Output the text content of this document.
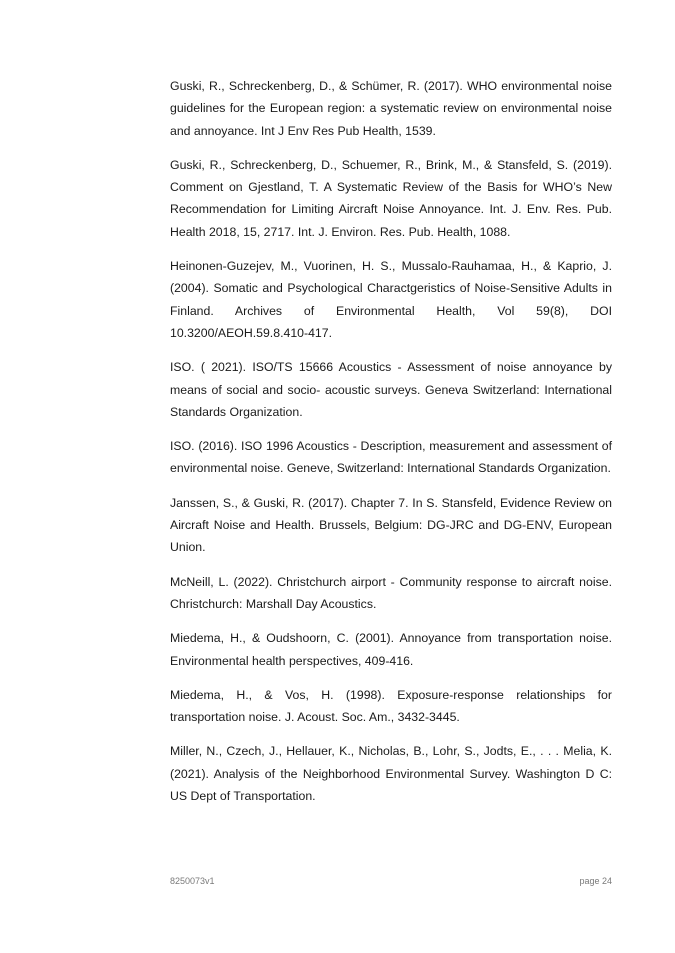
Guski, R., Schreckenberg, D., & Schümer, R. (2017). WHO environmental noise guidelines for the European region: a systematic review on environmental noise and annoyance. Int J Env Res Pub Health, 1539.

Guski, R., Schreckenberg, D., Schuemer, R., Brink, M., & Stansfeld, S. (2019). Comment on Gjestland, T. A Systematic Review of the Basis for WHO’s New Recommendation for Limiting Aircraft Noise Annoyance. Int. J. Env. Res. Pub. Health 2018, 15, 2717. Int. J. Environ. Res. Pub. Health, 1088.

Heinonen-Guzejev, M., Vuorinen, H. S., Mussalo-Rauhamaa, H., & Kaprio, J. (2004). Somatic and Psychological Charactgeristics of Noise-Sensitive Adults in Finland. Archives of Environmental Health, Vol 59(8), DOI 10.3200/AEOH.59.8.410-417.

ISO. ( 2021). ISO/TS 15666 Acoustics - Assessment of noise annoyance by means of social and socio- acoustic surveys. Geneva Switzerland: International Standards Organization.

ISO. (2016). ISO 1996 Acoustics - Description, measurement and assessment of environmental noise. Geneve, Switzerland: International Standards Organization.

Janssen, S., & Guski, R. (2017). Chapter 7. In S. Stansfeld, Evidence Review on Aircraft Noise and Health. Brussels, Belgium: DG-JRC and DG-ENV, European Union.

McNeill, L. (2022). Christchurch airport - Community response to aircraft noise. Christchurch: Marshall Day Acoustics.

Miedema, H., & Oudshoorn, C. (2001). Annoyance from transportation noise. Environmental health perspectives, 409-416.

Miedema, H., & Vos, H. (1998). Exposure-response relationships for transportation noise. J. Acoust. Soc. Am., 3432-3445.

Miller, N., Czech, J., Hellauer, K., Nicholas, B., Lohr, S., Jodts, E., . . . Melia, K. (2021). Analysis of the Neighborhood Environmental Survey. Washington D C: US Dept of Transportation.

8250073v1	page 24
